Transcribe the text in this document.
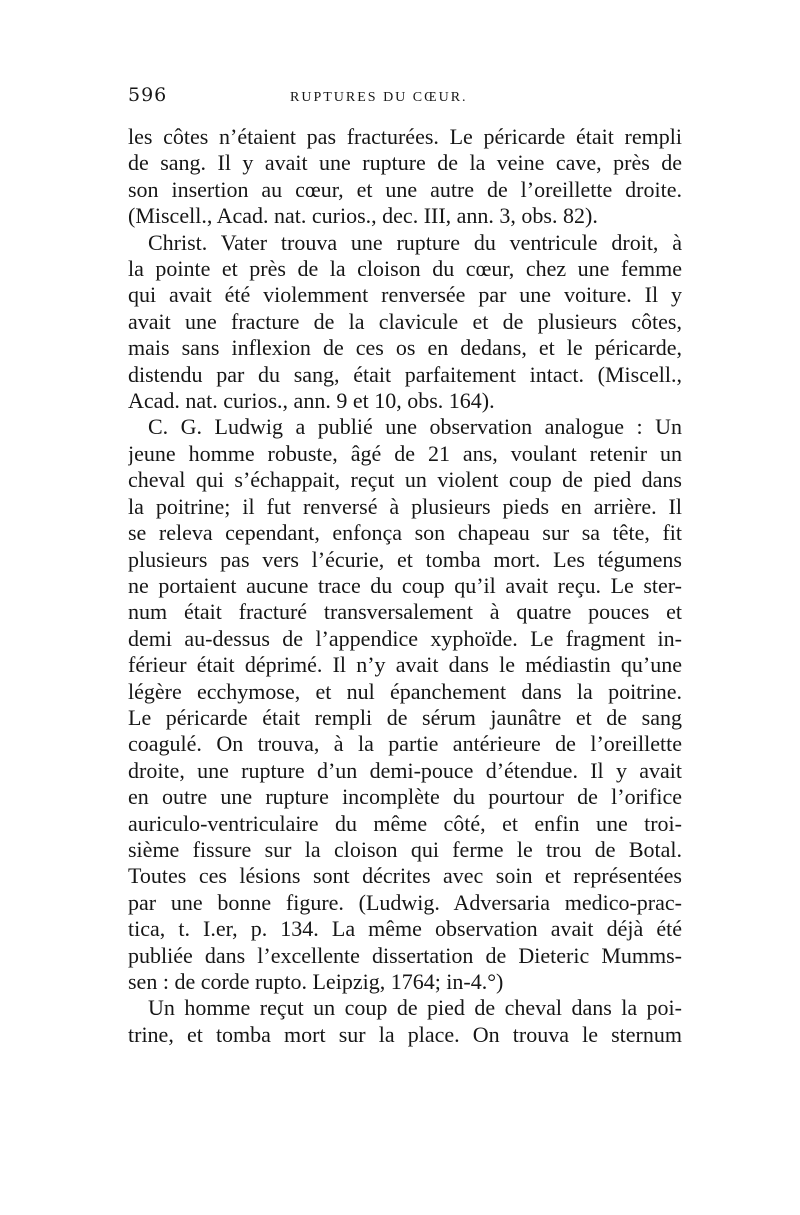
596	RUPTURES DU CŒUR.
les côtes n’étaient pas fracturées. Le péricarde était rempli
de sang. Il y avait une rupture de la veine cave, près de
son insertion au cœur, et une autre de l’oreillette droite.
(Miscell., Acad. nat. curios., dec. III, ann. 3, obs. 82).
Christ. Vater trouva une rupture du ventricule droit, à
la pointe et près de la cloison du cœur, chez une femme
qui avait été violemment renversée par une voiture. Il y
avait une fracture de la clavicule et de plusieurs côtes,
mais sans inflexion de ces os en dedans, et le péricarde,
distendu par du sang, était parfaitement intact. (Miscell.,
Acad. nat. curios., ann. 9 et 10, obs. 164).
C. G. Ludwig a publié une observation analogue : Un
jeune homme robuste, âgé de 21 ans, voulant retenir un
cheval qui s’échappait, reçut un violent coup de pied dans
la poitrine; il fut renversé à plusieurs pieds en arrière. Il
se releva cependant, enfonça son chapeau sur sa tête, fit
plusieurs pas vers l’écurie, et tomba mort. Les tégumens
ne portaient aucune trace du coup qu’il avait reçu. Le ster-
num était fracturé transversalement à quatre pouces et
demi au-dessus de l’appendice xyphoïde. Le fragment in-
férieur était déprimé. Il n’y avait dans le médiastin qu’une
légère ecchymose, et nul épanchement dans la poitrine.
Le péricarde était rempli de sérum jaunâtre et de sang
coagulé. On trouva, à la partie antérieure de l’oreillette
droite, une rupture d’un demi-pouce d’étendue. Il y avait
en outre une rupture incomplète du pourtour de l’orifice
auriculo-ventriculaire du même côté, et enfin une troi-
sième fissure sur la cloison qui ferme le trou de Botal.
Toutes ces lésions sont décrites avec soin et représentées
par une bonne figure. (Ludwig. Adversaria medico-prac-
tica, t. I.er, p. 134. La même observation avait déjà été
publiée dans l’excellente dissertation de Dieteric Mumms-
sen : de corde rupto. Leipzig, 1764; in-4.°)
Un homme reçut un coup de pied de cheval dans la poi-
trine, et tomba mort sur la place. On trouva le sternum
